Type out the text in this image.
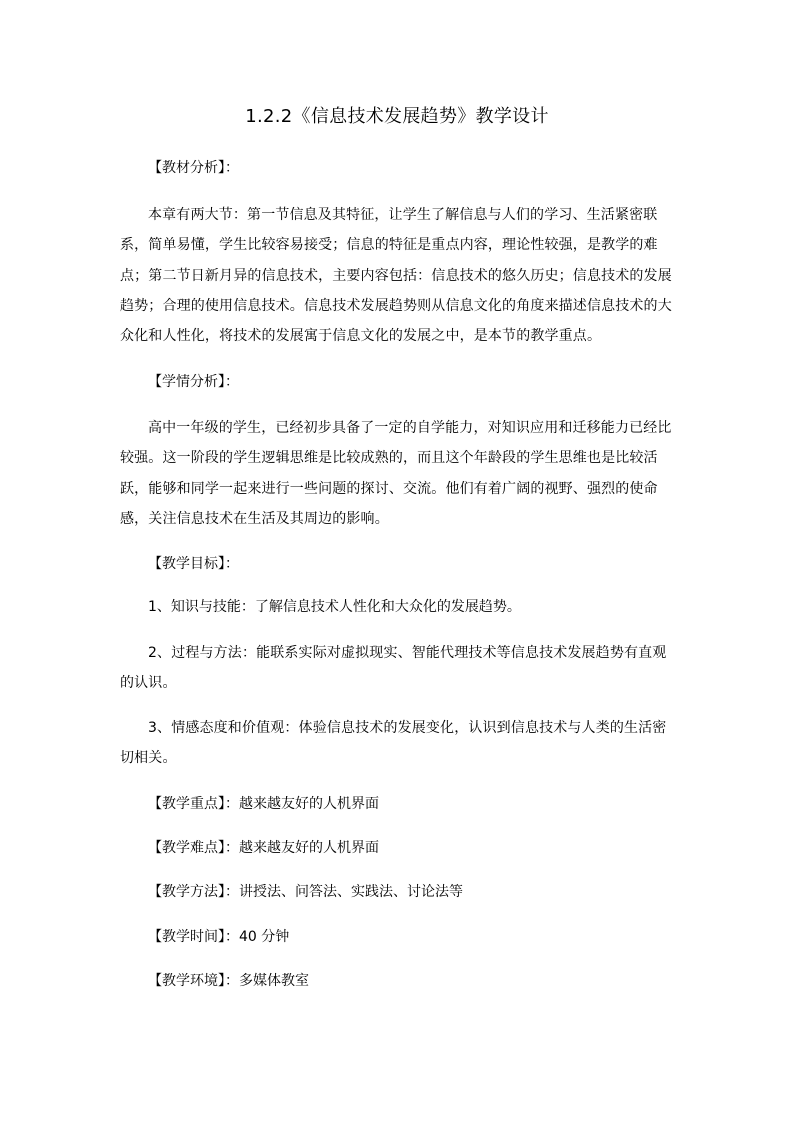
1.2.2《信息技术发展趋势》教学设计
【教材分析】：
本章有两大节：第一节信息及其特征，让学生了解信息与人们的学习、生活紧密联系，简单易懂，学生比较容易接受；信息的特征是重点内容，理论性较强，是教学的难点；第二节日新月异的信息技术，主要内容包括：信息技术的悠久历史；信息技术的发展趋势；合理的使用信息技术。信息技术发展趋势则从信息文化的角度来描述信息技术的大众化和人性化，将技术的发展寓于信息文化的发展之中，是本节的教学重点。
【学情分析】：
高中一年级的学生，已经初步具备了一定的自学能力，对知识应用和迁移能力已经比较强。这一阶段的学生逻辑思维是比较成熟的，而且这个年龄段的学生思维也是比较活跃，能够和同学一起来进行一些问题的探讨、交流。他们有着广阔的视野、强烈的使命感，关注信息技术在生活及其周边的影响。
【教学目标】：
1、知识与技能：了解信息技术人性化和大众化的发展趋势。
2、过程与方法：能联系实际对虚拟现实、智能代理技术等信息技术发展趋势有直观的认识。
3、情感态度和价值观：体验信息技术的发展变化，认识到信息技术与人类的生活密切相关。
【教学重点】：越来越友好的人机界面
【教学难点】：越来越友好的人机界面
【教学方法】：讲授法、问答法、实践法、讨论法等
【教学时间】：40 分钟
【教学环境】：多媒体教室
